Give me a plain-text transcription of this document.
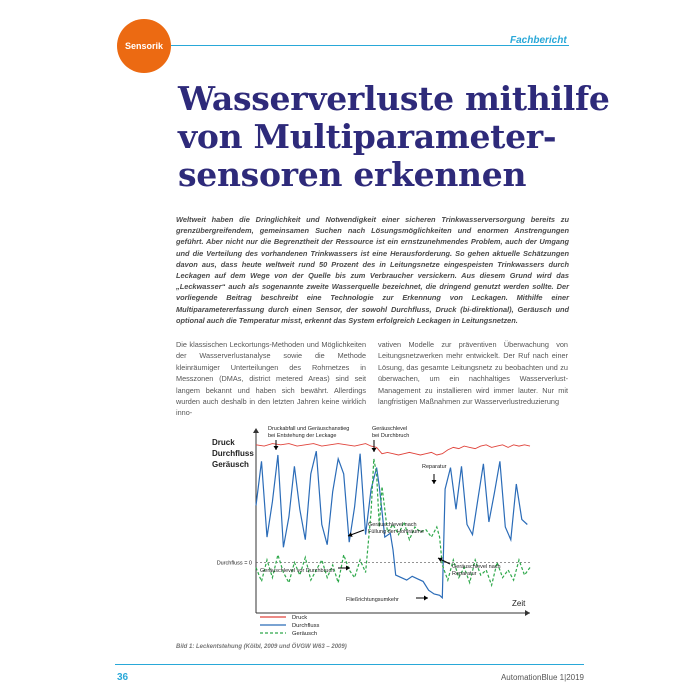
Sensorik	Fachbericht
Wasserverluste mithilfe von Multiparameter-sensoren erkennen

Weltweit haben die Dringlichkeit und Notwendigkeit einer sicheren Trinkwasserversorgung bereits zu grenzübergreifendem, gemeinsamen Suchen nach Lösungsmöglichkeiten und enormen Anstrengungen geführt. Aber nicht nur die Begrenztheit der Ressource ist ein ernstzunehmendes Problem, auch der Umgang und die Verteilung des vorhandenen Trinkwassers ist eine Herausforderung. So gehen aktuelle Schätzungen davon aus, dass heute weltweit rund 50 Prozent des in Leitungsnetze eingespeisten Trinkwassers durch Leckagen auf dem Wege von der Quelle bis zum Verbraucher versickern. Aus diesem Grund wird das „Leckwasser“ auch als sogenannte zweite Wasserquelle bezeichnet, die dringend genutzt werden sollte. Der vorliegende Beitrag beschreibt eine Technologie zur Erkennung von Leckagen. Mithilfe einer Multiparametererfassung durch einen Sensor, der sowohl Durchfluss, Druck (bi-direktional), Geräusch und optional auch die Temperatur misst, erkennt das System erfolgreich Leckagen in Leitungsnetzen.

Die klassischen Leckortungs-Methoden und Möglichkeiten der Wasserverlustanalyse sowie die Methode kleinräumiger Unterteilungen des Rohrnetzes in Messzonen (DMAs, district metered Areas) sind seit langem bekannt und haben sich bewährt. Allerdings wurden auch deshalb in den letzten Jahren keine wirklich inno-

vativen Modelle zur präventiven Überwachung von Leitungsnetzwerken mehr entwickelt. Der Ruf nach einer Lösung, das gesamte Leitungsnetz zu beobachten und zu überwachen, um ein nachhaltiges Wasserverlust-Management zu installieren wird immer lauter. Nur mit langfristigen Maßnahmen zur Wasserverlustreduzierung

Zeit
Druck
Durchfluss
Geräusch
Durchfluss = 0
Druckabfall und Geräuschanstieg
bei Entstehung der Leckage
Geräuschlevel
bei Durchbruch
Reparatur
Geräuschlevel nach
Füllung der Hohlräume
Geräuschlevel vor Durchbruch
Geräuschlevel nach
Reparatur
Fließrichtungsumkehr
Druck
Durchfluss
Geräusch
Bild 1: Leckentstehung (Kölbl, 2009 und ÖVGW W63 – 2009)
36	AutomationBlue 1|2019
